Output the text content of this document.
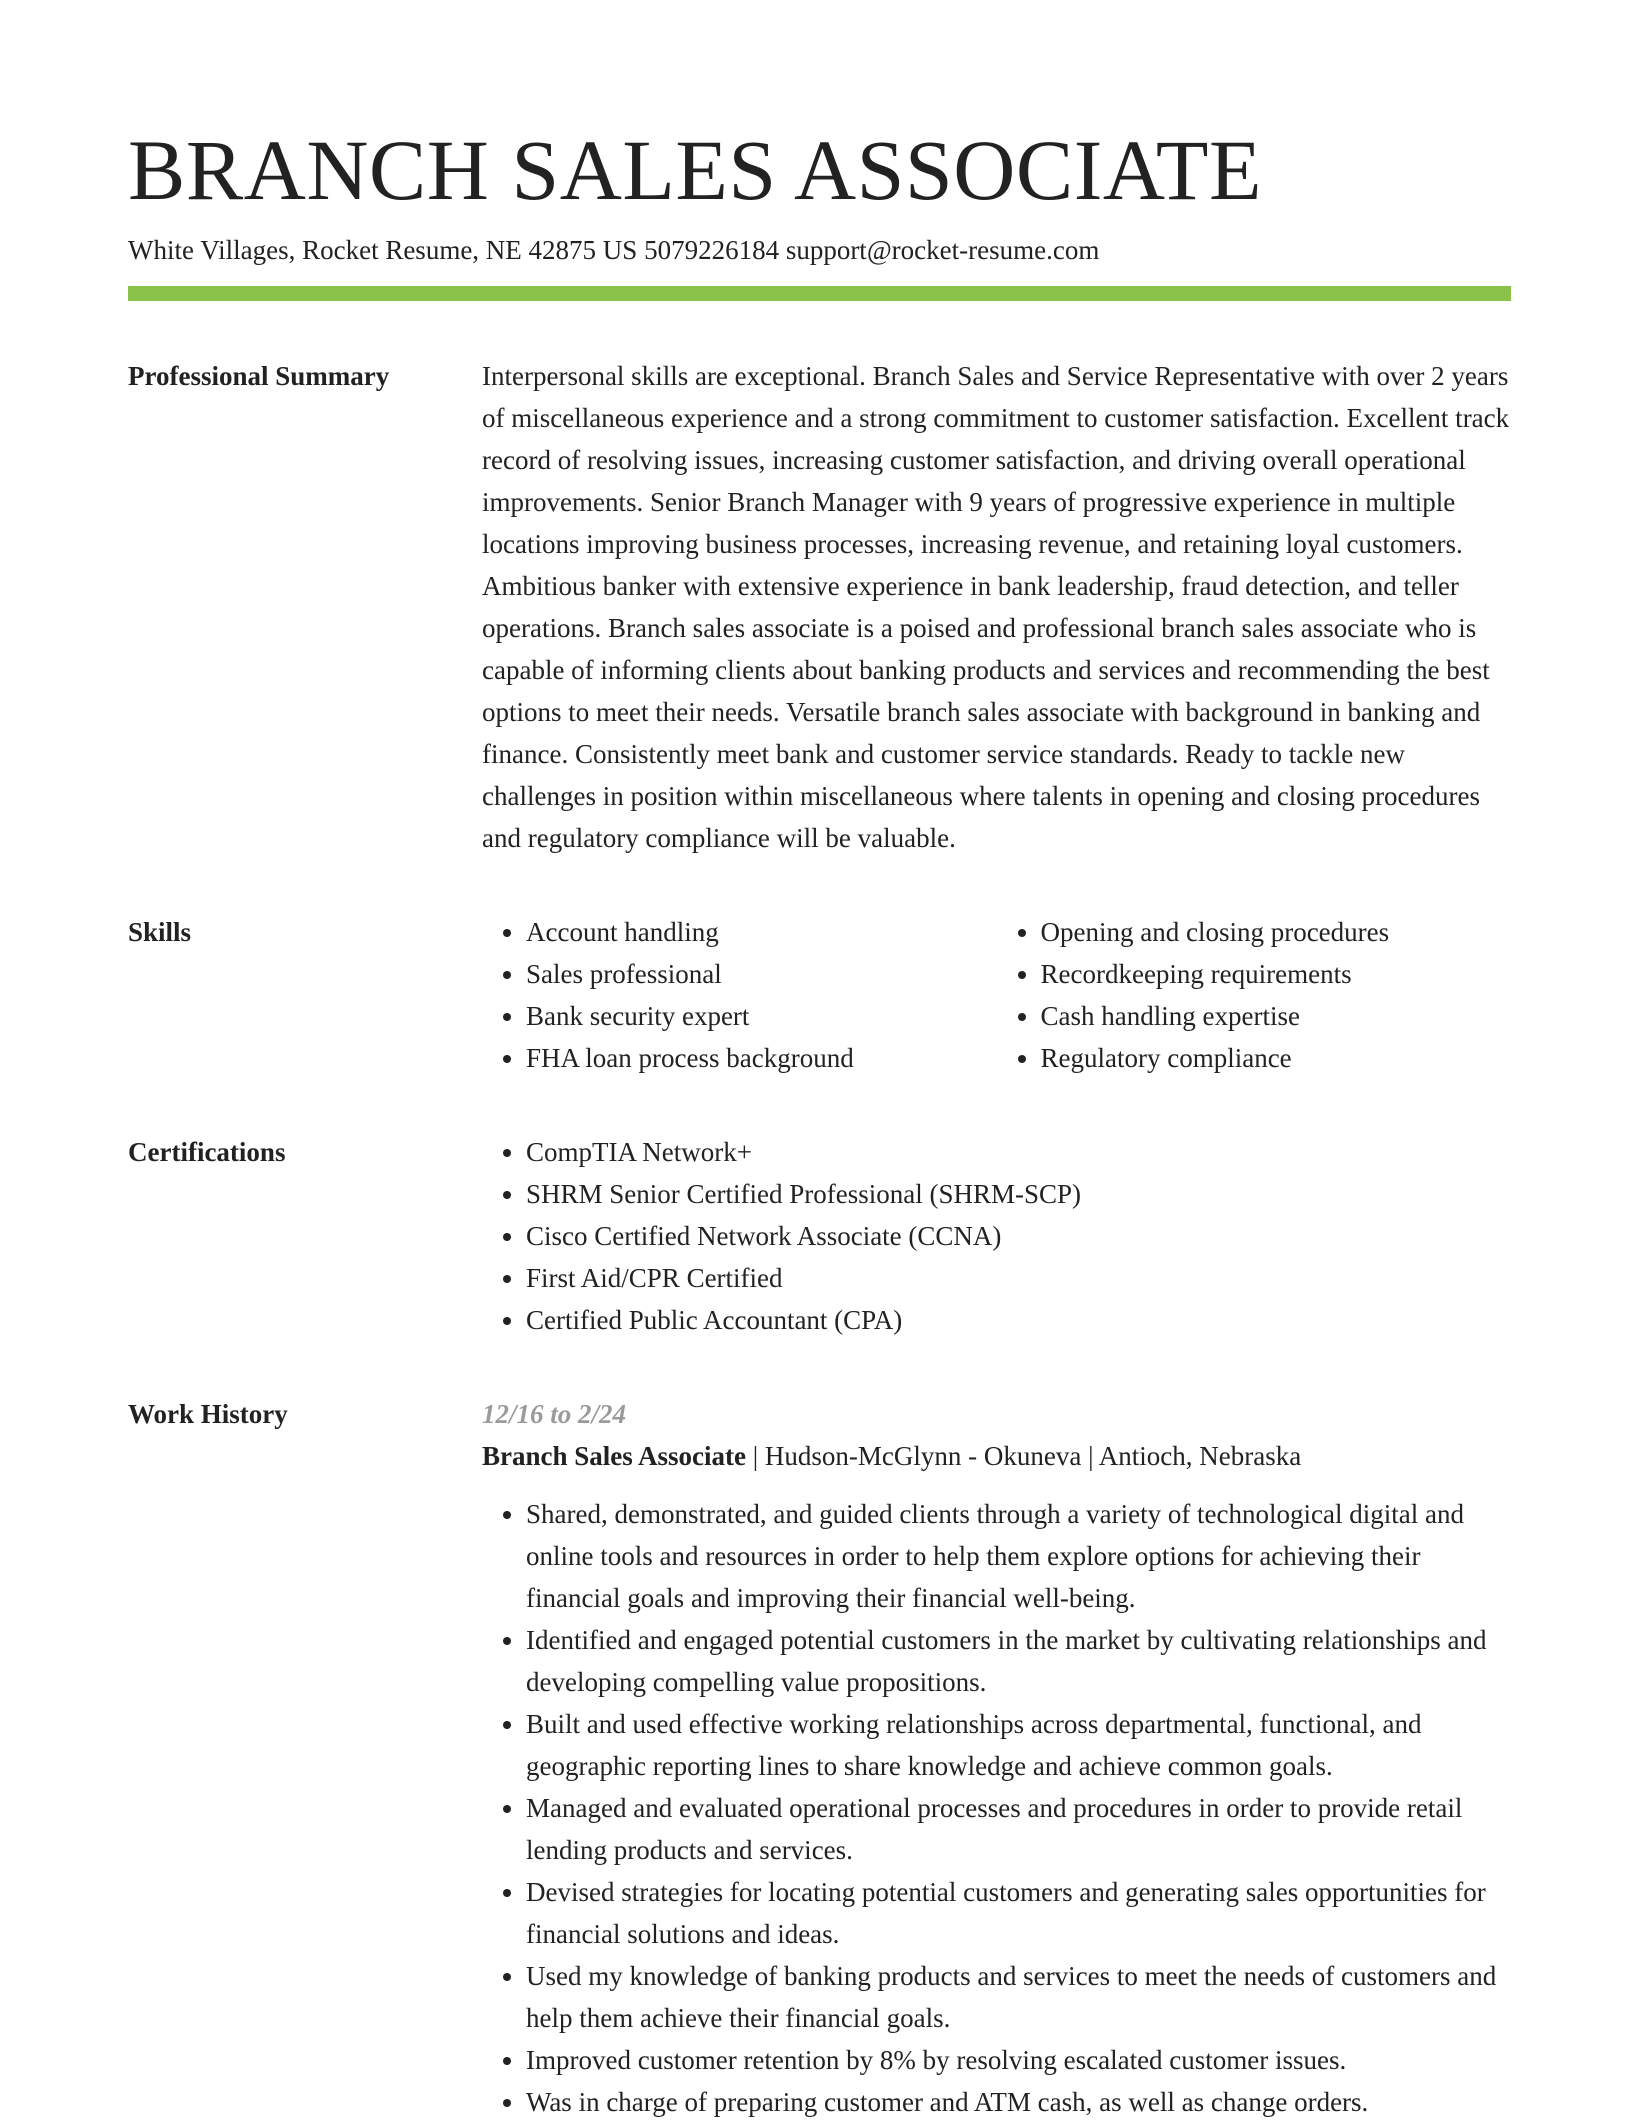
BRANCH SALES ASSOCIATE
White Villages, Rocket Resume, NE 42875 US 5079226184 support@rocket-resume.com
Professional Summary	Interpersonal skills are exceptional. Branch Sales and Service Representative with over 2 years of miscellaneous experience and a strong commitment to customer satisfaction. Excellent track record of resolving issues, increasing customer satisfaction, and driving overall operational improvements. Senior Branch Manager with 9 years of progressive experience in multiple locations improving business processes, increasing revenue, and retaining loyal customers. Ambitious banker with extensive experience in bank leadership, fraud detection, and teller operations. Branch sales associate is a poised and professional branch sales associate who is capable of informing clients about banking products and services and recommending the best options to meet their needs. Versatile branch sales associate with background in banking and finance. Consistently meet bank and customer service standards. Ready to tackle new challenges in position within miscellaneous where talents in opening and closing procedures and regulatory compliance will be valuable.

Skills	• Account handling
• Sales professional
• Bank security expert
• FHA loan process background
• Opening and closing procedures
• Recordkeeping requirements
• Cash handling expertise
• Regulatory compliance
Certifications	• CompTIA Network+
• SHRM Senior Certified Professional (SHRM-SCP)
• Cisco Certified Network Associate (CCNA)
• First Aid/CPR Certified
• Certified Public Accountant (CPA)
Work History	12/16 to 2/24
Branch Sales Associate | Hudson-McGlynn - Okuneva | Antioch, Nebraska
• Shared, demonstrated, and guided clients through a variety of technological digital and online tools and resources in order to help them explore options for achieving their financial goals and improving their financial well-being.
• Identified and engaged potential customers in the market by cultivating relationships and developing compelling value propositions.
• Built and used effective working relationships across departmental, functional, and geographic reporting lines to share knowledge and achieve common goals.
• Managed and evaluated operational processes and procedures in order to provide retail lending products and services.
• Devised strategies for locating potential customers and generating sales opportunities for financial solutions and ideas.
• Used my knowledge of banking products and services to meet the needs of customers and help them achieve their financial goals.
• Improved customer retention by 8% by resolving escalated customer issues.
• Was in charge of preparing customer and ATM cash, as well as change orders.
